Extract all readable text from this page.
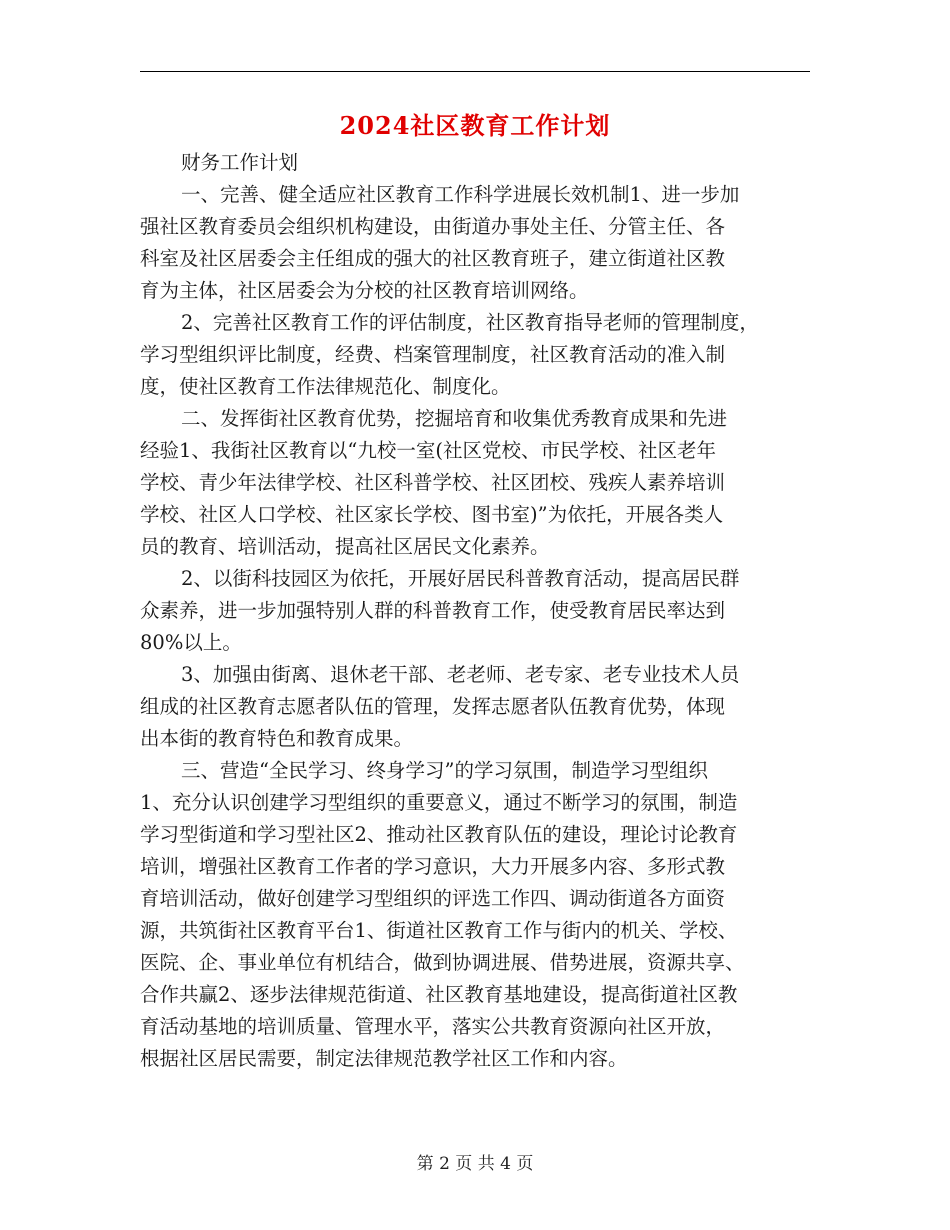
2024社区教育工作计划
财务工作计划
一、完善、健全适应社区教育工作科学进展长效机制1、进一步加
强社区教育委员会组织机构建设，由街道办事处主任、分管主任、各
科室及社区居委会主任组成的强大的社区教育班子，建立街道社区教
育为主体，社区居委会为分校的社区教育培训网络。
2、完善社区教育工作的评估制度，社区教育指导老师的管理制度，
学习型组织评比制度，经费、档案管理制度，社区教育活动的准入制
度，使社区教育工作法律规范化、制度化。
二、发挥街社区教育优势，挖掘培育和收集优秀教育成果和先进
经验1、我街社区教育以“九校一室(社区党校、市民学校、社区老年
学校、青少年法律学校、社区科普学校、社区团校、残疾人素养培训
学校、社区人口学校、社区家长学校、图书室)”为依托，开展各类人
员的教育、培训活动，提高社区居民文化素养。
2、以街科技园区为依托，开展好居民科普教育活动，提高居民群
众素养，进一步加强特别人群的科普教育工作，使受教育居民率达到
80%以上。
3、加强由街离、退休老干部、老老师、老专家、老专业技术人员
组成的社区教育志愿者队伍的管理，发挥志愿者队伍教育优势，体现
出本街的教育特色和教育成果。
三、营造“全民学习、终身学习”的学习氛围，制造学习型组织
1、充分认识创建学习型组织的重要意义，通过不断学习的氛围，制造
学习型街道和学习型社区2、推动社区教育队伍的建设，理论讨论教育
培训，增强社区教育工作者的学习意识，大力开展多内容、多形式教
育培训活动，做好创建学习型组织的评选工作四、调动街道各方面资
源，共筑街社区教育平台1、街道社区教育工作与街内的机关、学校、
医院、企、事业单位有机结合，做到协调进展、借势进展，资源共享、
合作共赢2、逐步法律规范街道、社区教育基地建设，提高街道社区教
育活动基地的培训质量、管理水平，落实公共教育资源向社区开放，
根据社区居民需要，制定法律规范教学社区工作和内容。
第 2 页 共 4 页
